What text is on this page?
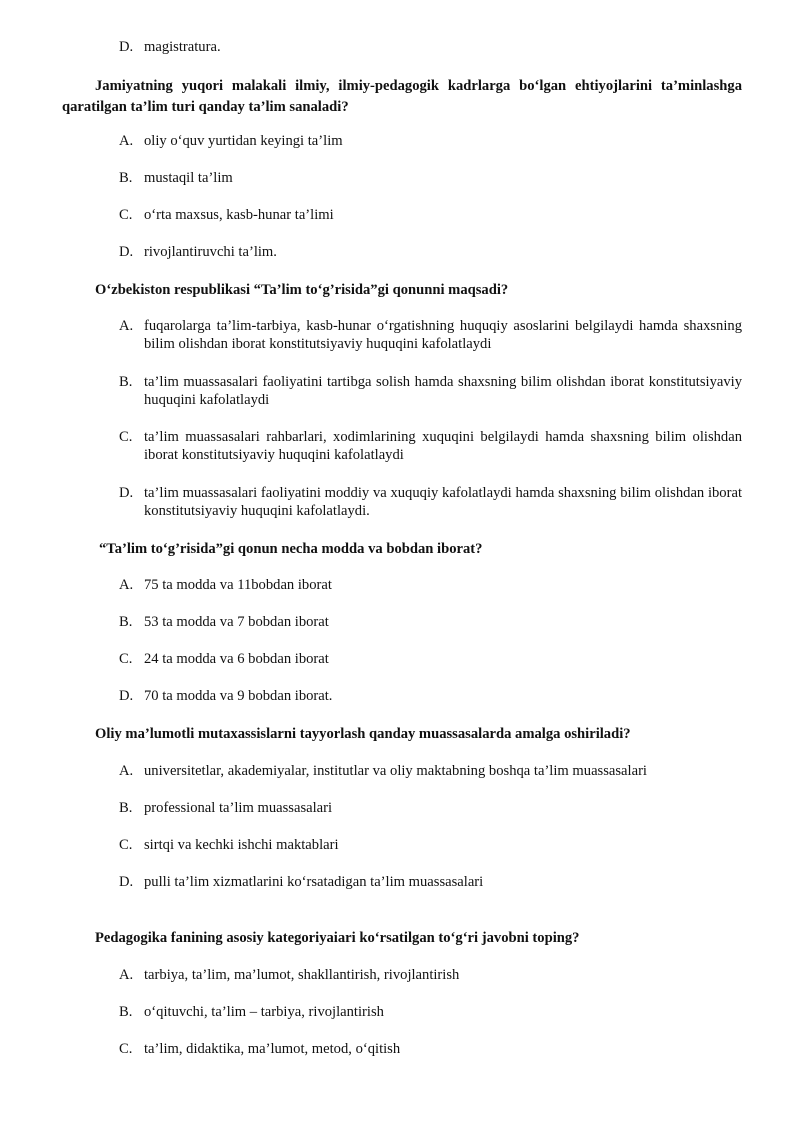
D. magistratura.
Jamiyatning yuqori malakali ilmiy, ilmiy-pedagogik kadrlarga bo‘lgan ehtiyojlarini ta’minlashga qaratilgan ta’lim turi qanday ta’lim sanaladi?
A. oliy o‘quv yurtidan keyingi ta’lim
B. mustaqil ta’lim
C. o‘rta maxsus, kasb-hunar ta’limi
D. rivojlantiruvchi ta’lim.
O‘zbekiston respublikasi “Ta’lim to‘g’risida”gi qonunni maqsadi?
A. fuqarolarga ta’lim-tarbiya, kasb-hunar o‘rgatishning huquqiy asoslarini belgilaydi hamda shaxsning bilim olishdan iborat konstitutsiyaviy huquqini kafolatlaydi
B. ta’lim muassasalari faoliyatini tartibga solish hamda shaxsning bilim olishdan iborat konstitutsiyaviy huquqini kafolatlaydi
C. ta’lim muassasalari rahbarlari, xodimlarining xuquqini belgilaydi hamda shaxsning bilim olishdan iborat konstitutsiyaviy huquqini kafolatlaydi
D. ta’lim muassasalari faoliyatini moddiy va xuquqiy kafolatlaydi hamda shaxsning bilim olishdan iborat konstitutsiyaviy huquqini kafolatlaydi.
“Ta’lim to‘g’risida”gi qonun necha modda va bobdan iborat?
A. 75 ta modda va 11bobdan iborat
B. 53 ta modda va 7 bobdan iborat
C. 24 ta modda va 6 bobdan iborat
D. 70 ta modda va 9 bobdan iborat.
Oliy ma’lumotli mutaxassislarni tayyorlash qanday muassasalarda amalga oshiriladi?
A. universitetlar, akademiyalar, institutlar va oliy maktabning boshqa ta’lim muassasalari
B. professional ta’lim muassasalari
C. sirtqi va kechki ishchi maktablari
D. pulli ta’lim xizmatlarini ko‘rsatadigan ta’lim muassasalari
Pedagogika fanining asosiy kategoriyaiari ko‘rsatilgan to‘g‘ri javobni toping?
A. tarbiya, ta’lim, ma’lumot, shakllantirish, rivojlantirish
B. o‘qituvchi, ta’lim – tarbiya, rivojlantirish
C. ta’lim, didaktika, ma’lumot, metod, o‘qitish
